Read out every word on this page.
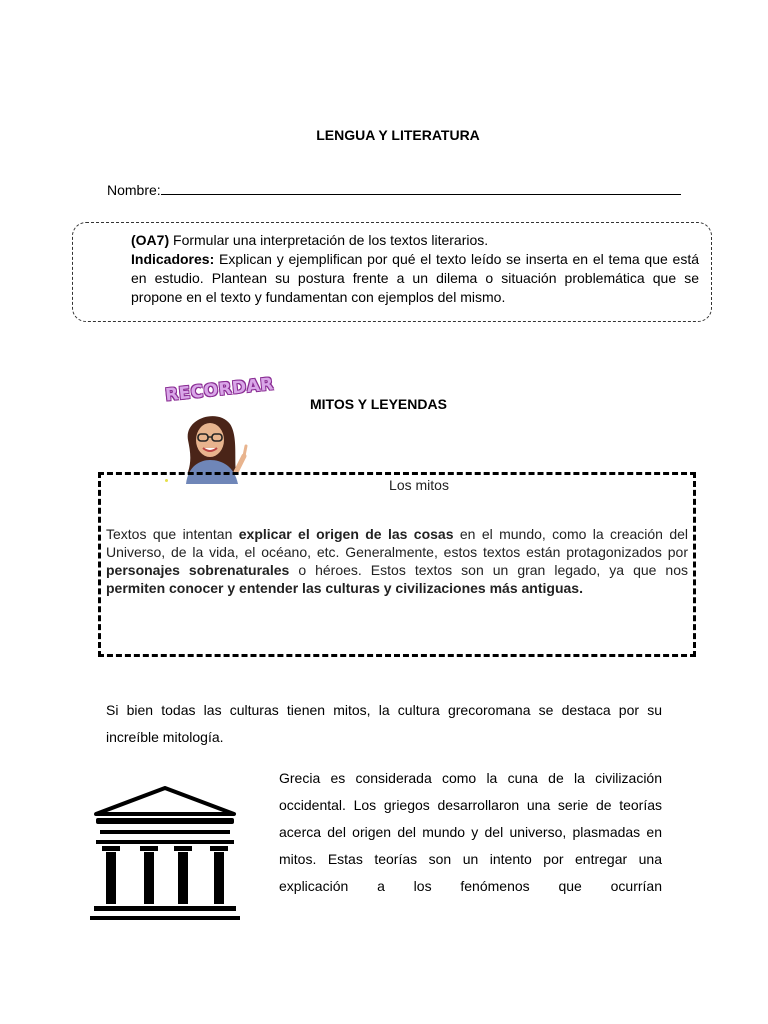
LENGUA Y LITERATURA
Nombre:
(OA7) Formular una interpretación de los textos literarios.
Indicadores: Explican y ejemplifican por qué el texto leído se inserta en el tema que está en estudio. Plantean su postura frente a un dilema o situación problemática que se propone en el texto y fundamentan con ejemplos del mismo.
RECORDAR	MITOS Y LEYENDAS
Los mitos
Textos que intentan explicar el origen de las cosas en el mundo, como la creación del Universo, de la vida, el océano, etc. Generalmente, estos textos están protagonizados por personajes sobrenaturales o héroes. Estos textos son un gran legado, ya que nos permiten conocer y entender las culturas y civilizaciones más antiguas.
Si bien todas las culturas tienen mitos, la cultura grecoromana se destaca por su increíble mitología.
Grecia es considerada como la cuna de la civilización occidental. Los griegos desarrollaron una serie de teorías acerca del origen del mundo y del universo, plasmadas en mitos. Estas teorías son un intento por entregar una explicación a los fenómenos que ocurrían
